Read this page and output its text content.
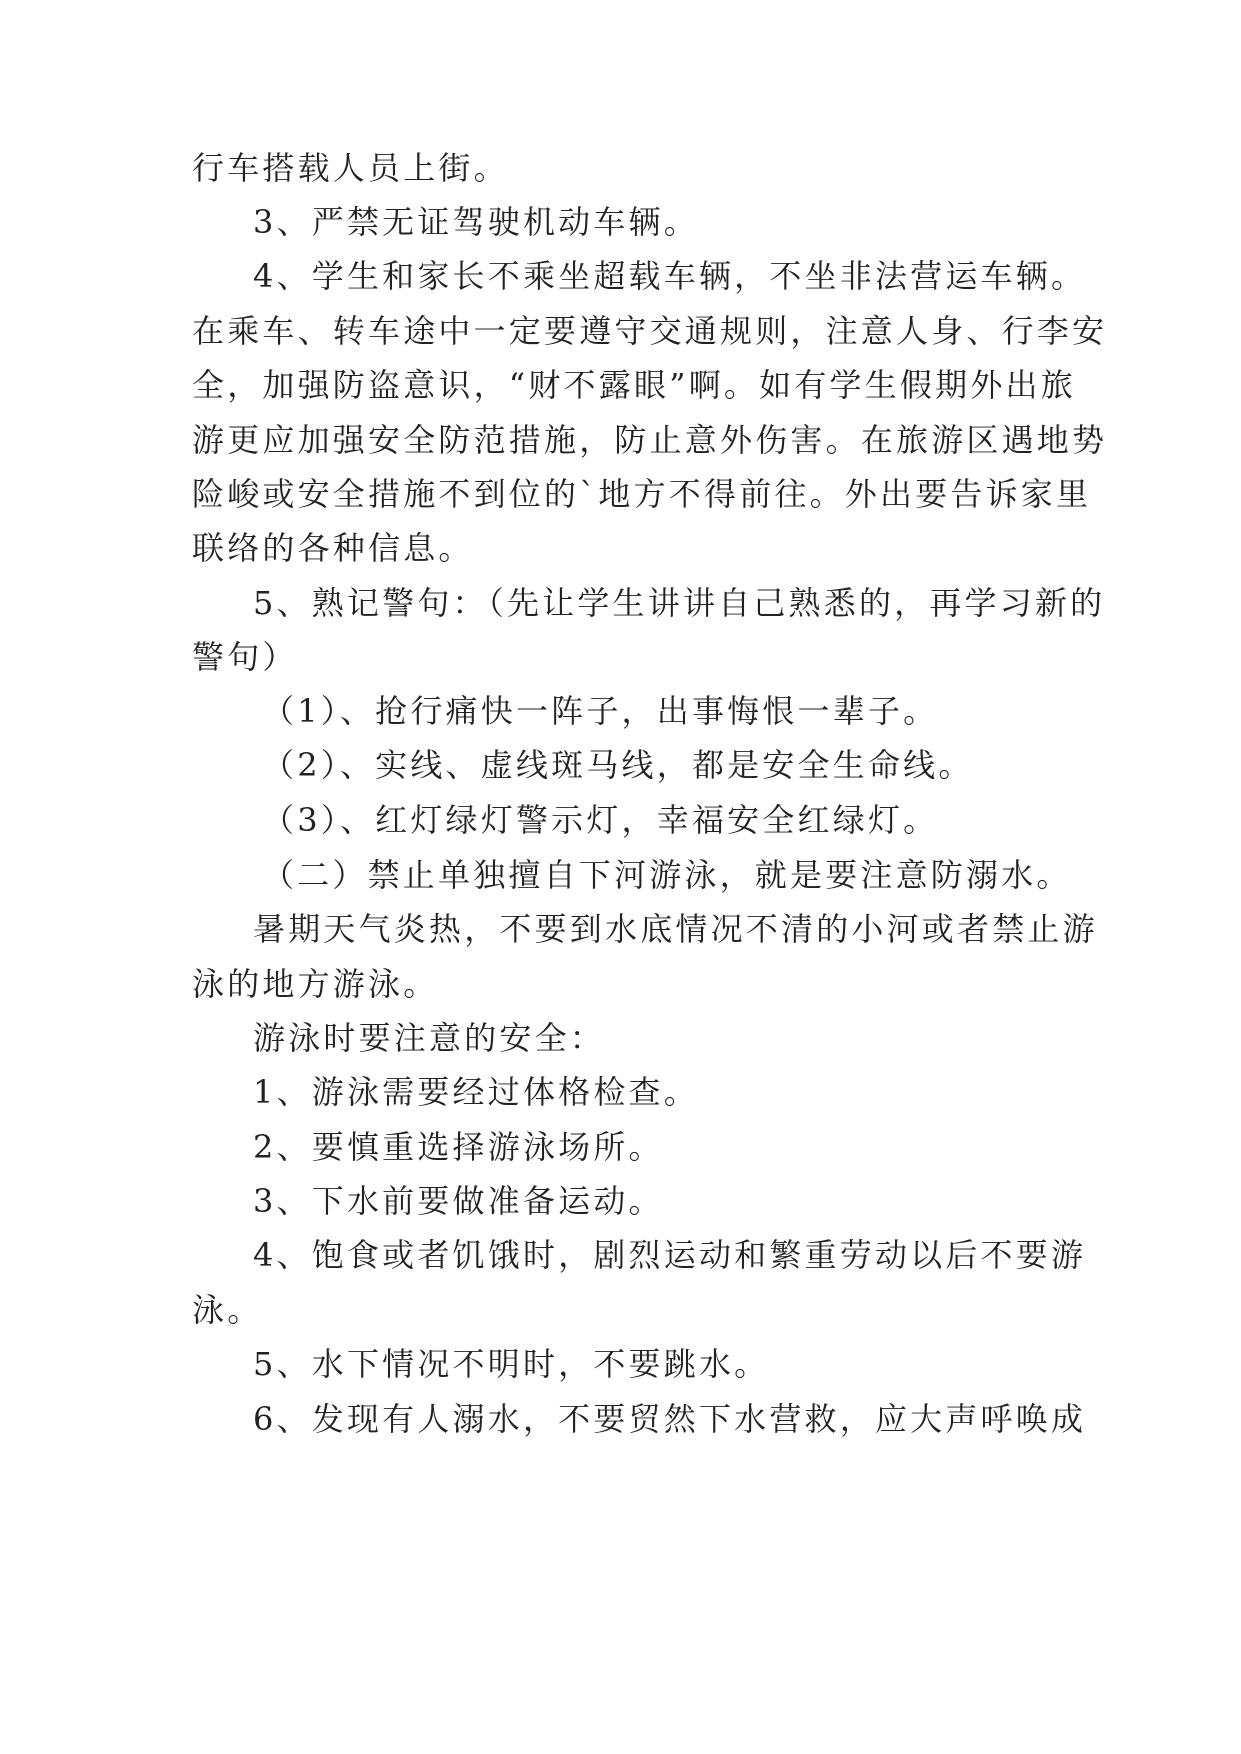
行车搭载人员上街。
3、严禁无证驾驶机动车辆。
4、学生和家长不乘坐超载车辆，不坐非法营运车辆。
在乘车、转车途中一定要遵守交通规则，注意人身、行李安
全，加强防盗意识，“财不露眼”啊。如有学生假期外出旅
游更应加强安全防范措施，防止意外伤害。在旅游区遇地势
险峻或安全措施不到位的`地方不得前往。外出要告诉家里
联络的各种信息。
5、熟记警句：（先让学生讲讲自己熟悉的，再学习新的
警句）
（1）、抢行痛快一阵子，出事悔恨一辈子。
（2）、实线、虚线斑马线，都是安全生命线。
（3）、红灯绿灯警示灯，幸福安全红绿灯。
（二）禁止单独擅自下河游泳，就是要注意防溺水。
暑期天气炎热，不要到水底情况不清的小河或者禁止游
泳的地方游泳。
游泳时要注意的安全：
1、游泳需要经过体格检查。
2、要慎重选择游泳场所。
3、下水前要做准备运动。
4、饱食或者饥饿时，剧烈运动和繁重劳动以后不要游
泳。
5、水下情况不明时，不要跳水。
6、发现有人溺水，不要贸然下水营救，应大声呼唤成
